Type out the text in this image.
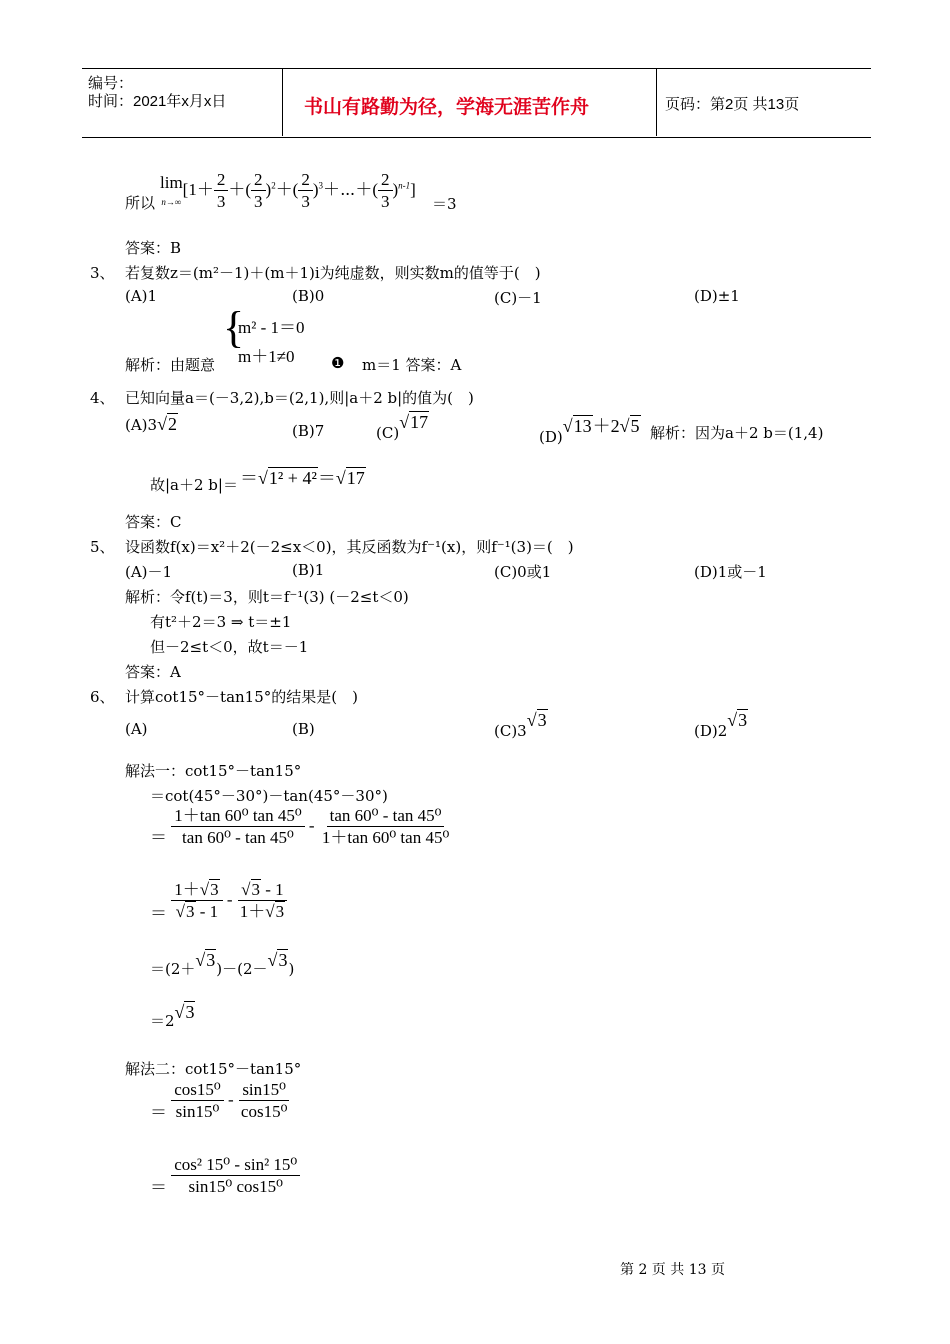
编号：
时间：2021年x月x日	书山有路勤为径，学海无涯苦作舟	页码：第2页 共13页
lim
$n\to\infty[1+ \frac{2}{3}$ ＋( $\frac{2}{3} )^2+( \frac{2}{3}$ )$^3+\cdots+( \frac{2}{3} )^{n-1}$]
所以	＝3
答案：B
3、 若复数z＝(m²－1)＋(m＋1)i为纯虚数，则实数m的值等于(　)
(A)1	(B)0	(C)－1	(D)±1
{
m² - 1＝0
m＋1≠0
解析：由题意	❶ m＝1 答案：A
4、 已知向量a＝(－3,2),b＝(2,1),则|a＋2 b|的值为(　)
(A)3√2	(B)7	(C)√17
(D)√13＋2√5 解析：因为a＋2 b＝(1,4)
故|a＋2 b|＝ ＝√1² + 4²＝√17
答案：C
5、 设函数f(x)＝x²＋2(－2≤x＜0)，其反函数为f⁻¹(x)，则f⁻¹(3)＝(　)
(A)－1	(B)1	(C)0或1	(D)1或－1
解析：令f(t)＝3，则t＝f⁻¹(3) (－2≤t＜0)
有t²＋2＝3 ⇒ t＝±1
但－2≤t＜0，故t＝－1
答案：A
6、 计算cot15°－tan15°的结果是(　)
(A)	(B)	(C)3√3
(D)2√3
解法一：cot15°－tan15°
＝cot(45°－30°)－tan(45°－30°)
＝ $\frac{\text{1＋tan 60⁰ tan 45⁰}}{\text{tan 60⁰ - tan 45⁰}} - \frac{\text{tan 60⁰ - tan 45⁰}}{\text{1＋tan 60⁰ tan 45⁰}}$
＝ $\frac{1+√3}{√3 - 1} - \frac{√3 - 1}{1+√3}$
＝(2＋√3)－(2－√3)
＝2√3
解法二：cot15°－tan15°
＝ $\frac{\text{cos15⁰}}{\text{sin15⁰}} - \frac{\text{sin15⁰}}{\text{cos15⁰}}$
＝ $\frac{\text{cos² 15⁰ - sin² 15⁰}}{\text{sin15⁰ cos15⁰}}$
第 2 页 共 13 页
